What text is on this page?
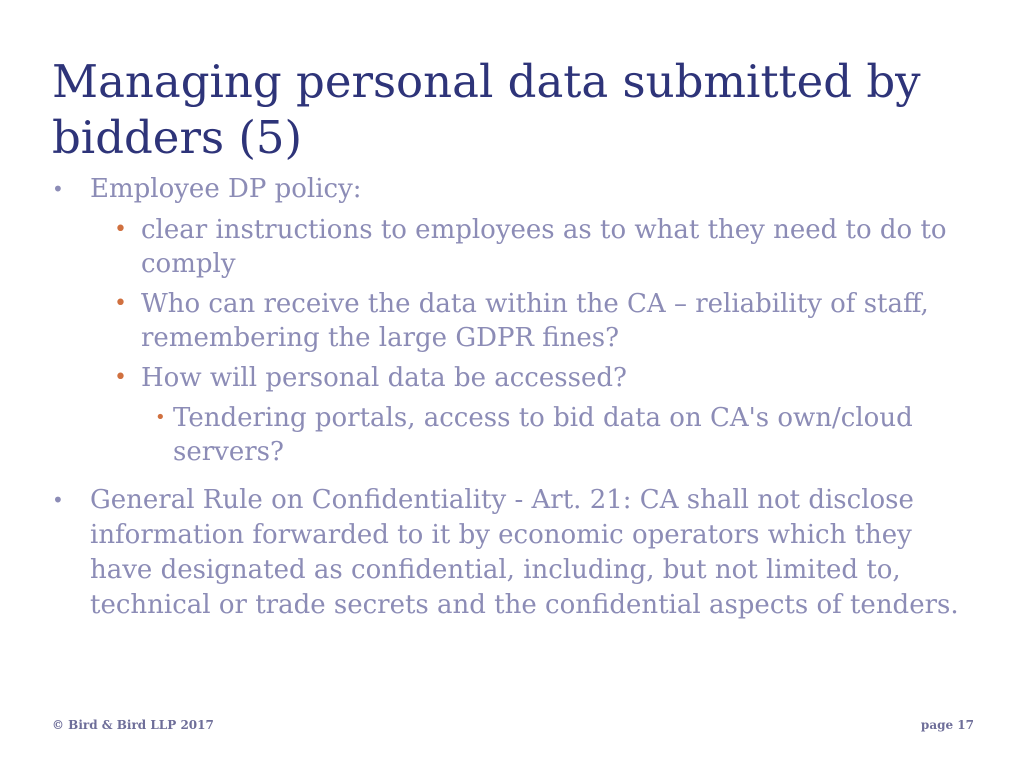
Managing personal data submitted by bidders (5)
• Employee DP policy:
• clear instructions to employees as to what they need to do to comply
• Who can receive the data within the CA – reliability of staff, remembering the large GDPR fines?
• How will personal data be accessed?
• Tendering portals, access to bid data on CA's own/cloud servers?
• General Rule on Confidentiality - Art. 21: CA shall not disclose information forwarded to it by economic operators which they have designated as confidential, including, but not limited to, technical or trade secrets and the confidential aspects of tenders.
© Bird & Bird LLP 2017	page 17
